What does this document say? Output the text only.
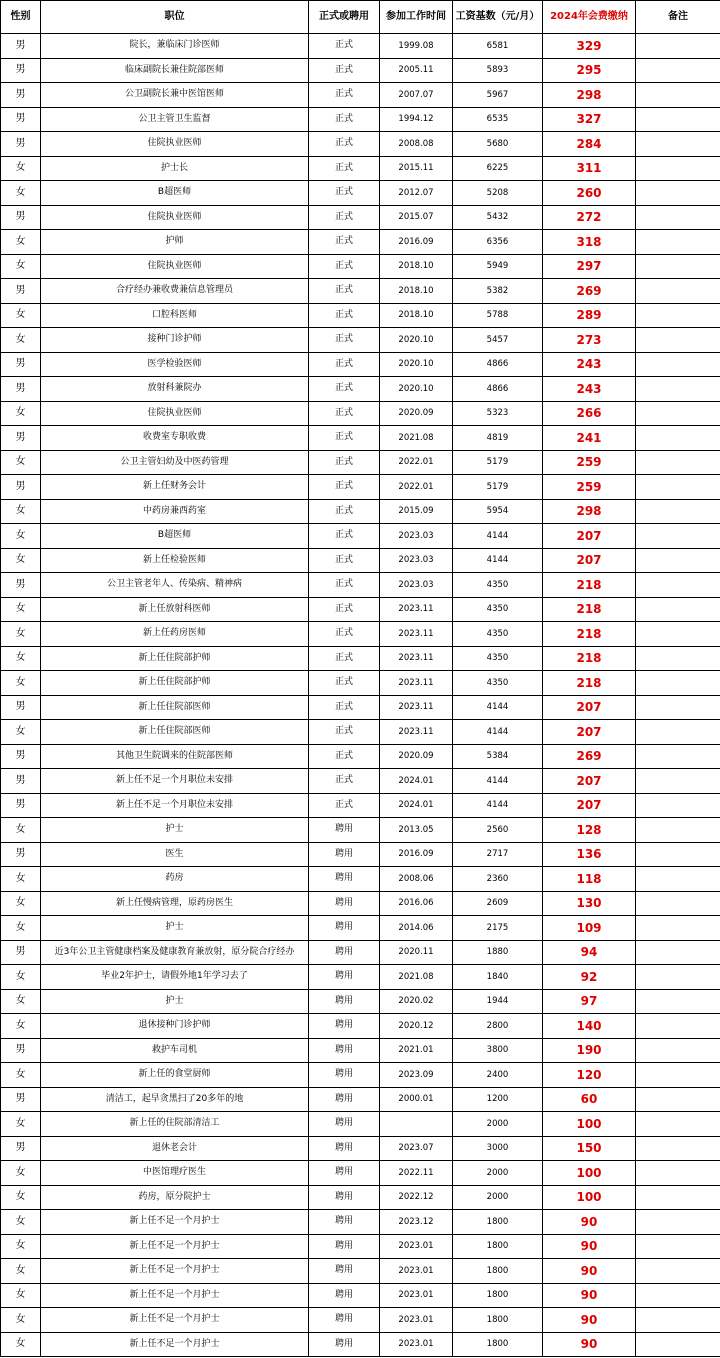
性别	职位	正式或聘用	参加工作时间	工资基数（元/月）	2024年会费缴纳	备注
男	院长，兼临床门诊医师	正式	1999.08	6581	329	
男	临床副院长兼住院部医师	正式	2005.11	5893	295	
男	公卫副院长兼中医馆医师	正式	2007.07	5967	298	
男	公卫主管卫生监督	正式	1994.12	6535	327	
男	住院执业医师	正式	2008.08	5680	284	
女	护士长	正式	2015.11	6225	311	
女	B超医师	正式	2012.07	5208	260	
男	住院执业医师	正式	2015.07	5432	272	
女	护师	正式	2016.09	6356	318	
女	住院执业医师	正式	2018.10	5949	297	
男	合疗经办兼收费兼信息管理员	正式	2018.10	5382	269	
女	口腔科医师	正式	2018.10	5788	289	
女	接种门诊护师	正式	2020.10	5457	273	
男	医学检验医师	正式	2020.10	4866	243	
男	放射科兼院办	正式	2020.10	4866	243	
女	住院执业医师	正式	2020.09	5323	266	
男	收费室专职收费	正式	2021.08	4819	241	
女	公卫主管妇幼及中医药管理	正式	2022.01	5179	259	
男	新上任财务会计	正式	2022.01	5179	259	
女	中药房兼西药室	正式	2015.09	5954	298	
女	B超医师	正式	2023.03	4144	207	
女	新上任检验医师	正式	2023.03	4144	207	
男	公卫主管老年人、传染病、精神病	正式	2023.03	4350	218	
女	新上任放射科医师	正式	2023.11	4350	218	
女	新上任药房医师	正式	2023.11	4350	218	
女	新上任住院部护师	正式	2023.11	4350	218	
女	新上任住院部护师	正式	2023.11	4350	218	
男	新上任住院部医师	正式	2023.11	4144	207	
女	新上任住院部医师	正式	2023.11	4144	207	
男	其他卫生院调来的住院部医师	正式	2020.09	5384	269	
男	新上任不足一个月职位未安排	正式	2024.01	4144	207	
男	新上任不足一个月职位未安排	正式	2024.01	4144	207	
女	护士	聘用	2013.05	2560	128	
男	医生	聘用	2016.09	2717	136	
女	药房	聘用	2008.06	2360	118	
女	新上任慢病管理，原药房医生	聘用	2016.06	2609	130	
女	护士	聘用	2014.06	2175	109	
男	近3年公卫主管健康档案及健康教育兼放射，原分院合疗经办	聘用	2020.11	1880	94	
女	毕业2年护士，请假外地1年学习去了	聘用	2021.08	1840	92	
女	护士	聘用	2020.02	1944	97	
女	退休接种门诊护师	聘用	2020.12	2800	140	
男	救护车司机	聘用	2021.01	3800	190	
女	新上任的食堂厨师	聘用	2023.09	2400	120	
男	清洁工，起早贪黑扫了20多年的地	聘用	2000.01	1200	60	
女	新上任的住院部清洁工	聘用		2000	100	
男	退休老会计	聘用	2023.07	3000	150	
女	中医馆理疗医生	聘用	2022.11	2000	100	
女	药房，原分院护士	聘用	2022.12	2000	100	
女	新上任不足一个月护士	聘用	2023.12	1800	90	
女	新上任不足一个月护士	聘用	2023.01	1800	90	
女	新上任不足一个月护士	聘用	2023.01	1800	90	
女	新上任不足一个月护士	聘用	2023.01	1800	90	
女	新上任不足一个月护士	聘用	2023.01	1800	90	
女	新上任不足一个月护士	聘用	2023.01	1800	90	
